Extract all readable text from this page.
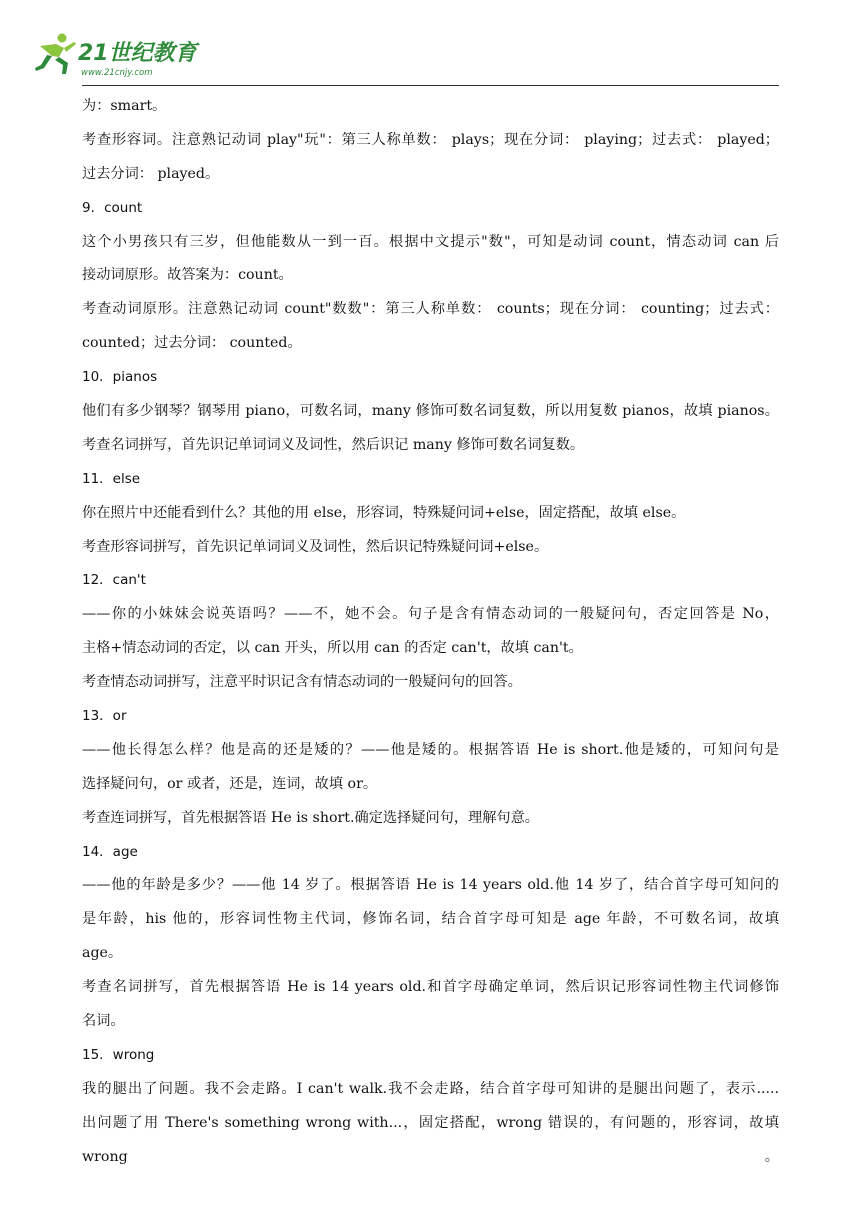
21世纪教育
www.21cnjy.com
为：smart。
考查形容词。注意熟记动词 play"玩"：第三人称单数： plays；现在分词： playing；过去式： played；
过去分词： played。
9．count
这个小男孩只有三岁，但他能数从一到一百。根据中文提示"数"，可知是动词 count，情态动词 can 后
接动词原形。故答案为：count。
考查动词原形。注意熟记动词 count"数数"：第三人称单数： counts；现在分词： counting；过去式：
counted；过去分词： counted。
10．pianos
他们有多少钢琴？钢琴用 piano，可数名词，many 修饰可数名词复数，所以用复数 pianos，故填 pianos。
考查名词拼写，首先识记单词词义及词性，然后识记 many 修饰可数名词复数。
11．else
你在照片中还能看到什么？其他的用 else，形容词，特殊疑问词+else，固定搭配，故填 else。
考查形容词拼写，首先识记单词词义及词性，然后识记特殊疑问词+else。
12．can't
——你的小妹妹会说英语吗？——不，她不会。句子是含有情态动词的一般疑问句，否定回答是 No，
主格+情态动词的否定，以 can 开头，所以用 can 的否定 can't，故填 can't。
考查情态动词拼写，注意平时识记含有情态动词的一般疑问句的回答。
13．or
——他长得怎么样？他是高的还是矮的？——他是矮的。根据答语 He is short.他是矮的，可知问句是
选择疑问句，or 或者，还是，连词，故填 or。
考查连词拼写，首先根据答语 He is short.确定选择疑问句，理解句意。
14．age
——他的年龄是多少？——他 14 岁了。根据答语 He is 14 years old.他 14 岁了，结合首字母可知问的
是年龄，his 他的，形容词性物主代词，修饰名词，结合首字母可知是 age 年龄，不可数名词，故填
age。
考查名词拼写，首先根据答语 He is 14 years old.和首字母确定单词，然后识记形容词性物主代词修饰
名词。
15．wrong
我的腿出了问题。我不会走路。I can't walk.我不会走路，结合首字母可知讲的是腿出问题了，表示.....
出问题了用 There's something wrong with...，固定搭配，wrong 错误的，有问题的，形容词，故填 wrong。
